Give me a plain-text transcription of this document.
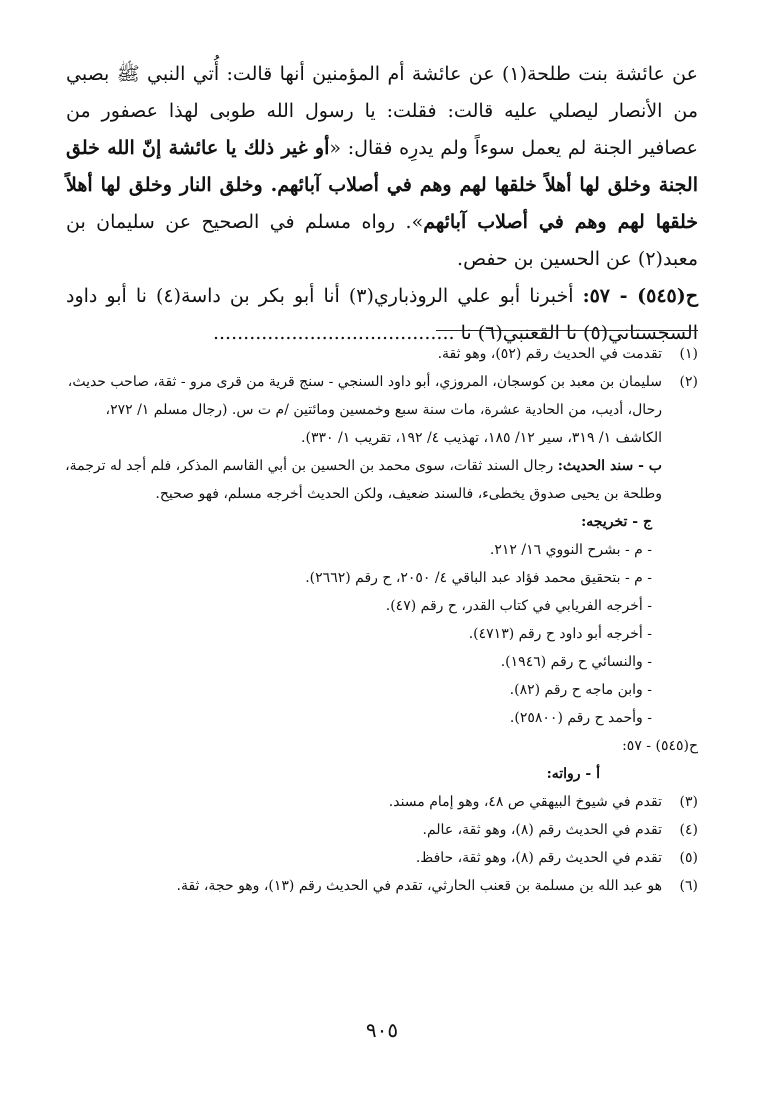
عن عائشة بنت طلحة(١) عن عائشة أم المؤمنين أنها قالت: أُتي النبي ﷺ بصبي من الأنصار ليصلي عليه قالت: فقلت: يا رسول الله طوبى لهذا عصفور من عصافير الجنة لم يعمل سوءاً ولم يدرِه فقال: «أو غير ذلك يا عائشة إنّ الله خلق الجنة وخلق لها أهلاً خلقها لهم وهم في أصلاب آبائهم. وخلق النار وخلق لها أهلاً خلقها لهم وهم في أصلاب آبائهم». رواه مسلم في الصحيح عن سليمان بن معبد(٢) عن الحسين بن حفص.

ح(٥٤٥) - ٥٧: أخبرنا أبو علي الروذباري(٣) أنا أبو بكر بن داسة(٤) نا أبو داود السجستاني(٥) نا القعنبي(٦) نا ........................................

(١)
تقدمت في الحديث رقم (٥٢)، وهو ثقة.
(٢)
سليمان بن معبد بن كوسجان، المروزي، أبو داود السنجي - سنج قرية من قرى مرو - ثقة، صاحب حديث، رحال، أديب، من الحادية عشرة، مات سنة سبع وخمسين ومائتين /م ت س. (رجال مسلم ١/ ٢٧٢، الكاشف ١/ ٣١٩، سير ١٢/ ١٨٥، تهذيب ٤/ ١٩٢، تقريب ١/ ٣٣٠).
ب - سند الحديث: رجال السند ثقات، سوى محمد بن الحسين بن أبي القاسم المذكر، فلم أجد له ترجمة، وطلحة بن يحيى صدوق يخطىء، فالسند ضعيف، ولكن الحديث أخرجه مسلم، فهو صحيح.
ج - تخريجه:
- م - بشرح النووي ١٦/ ٢١٢.
- م - بتحقيق محمد فؤاد عبد الباقي ٤/ ٢٠٥٠، ح رقم (٢٦٦٢).
- أخرجه الفريابي في كتاب القدر، ح رقم (٤٧).
- أخرجه أبو داود ح رقم (٤٧١٣).
- والنسائي ح رقم (١٩٤٦).
- وابن ماجه ح رقم (٨٢).
- وأحمد ح رقم (٢٥٨٠٠).
ح(٥٤٥) - ٥٧:
أ - رواته:
(٣)
تقدم في شيوخ البيهقي ص ٤٨، وهو إمام مسند.
(٤)
تقدم في الحديث رقم (٨)، وهو ثقة، عالم.
(٥)
تقدم في الحديث رقم (٨)، وهو ثقة، حافظ.
(٦)
هو عبد الله بن مسلمة بن قعنب الحارثي، تقدم في الحديث رقم (١٣)، وهو حجة، ثقة.
٩٠٥
